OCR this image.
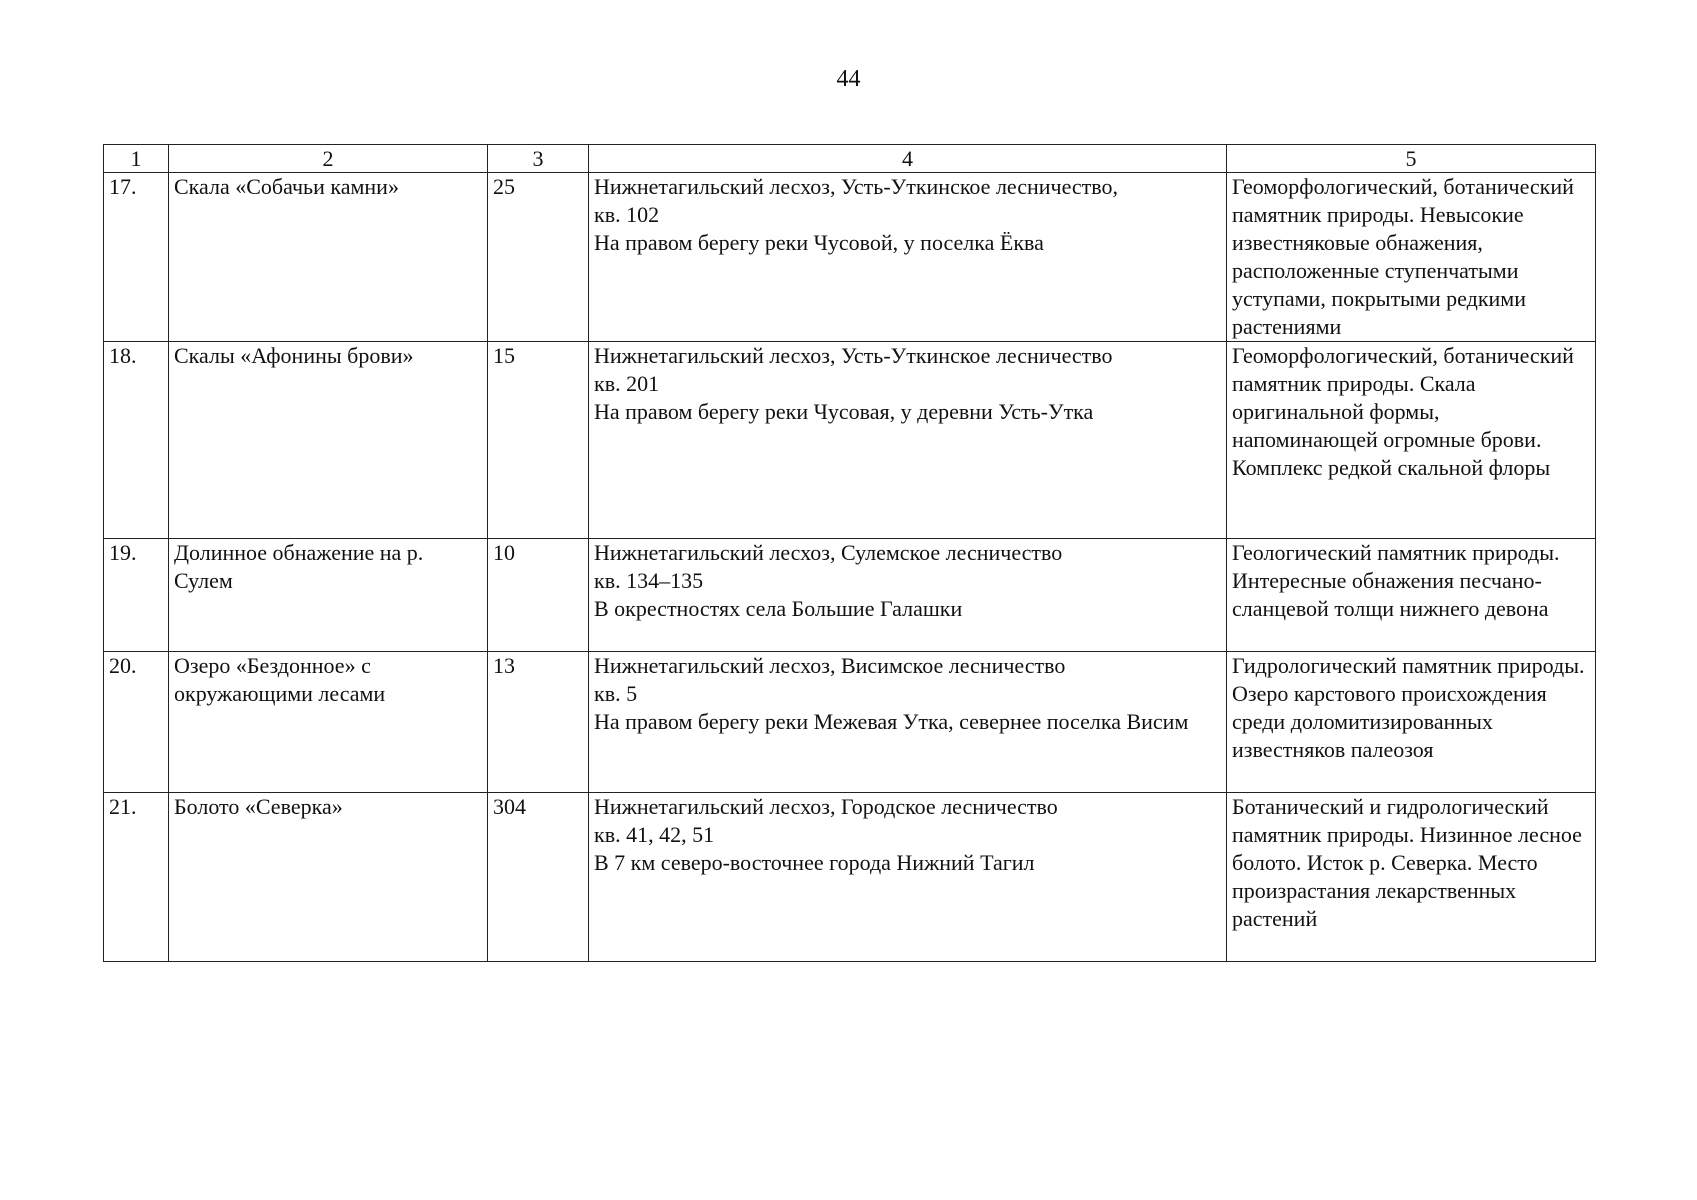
44
1	2	3	4	5
17.	Скала «Собачьи камни»	25	Нижнетагильский лесхоз, Усть-Уткинское лесничество,
кв. 102
На правом берегу реки Чусовой, у поселка Ёква	Геоморфологический, ботанический памятник природы. Невысокие известняковые обнажения, расположенные ступенчатыми уступами, покрытыми редкими растениями

18.	Скалы «Афонины брови»	15	Нижнетагильский лесхоз, Усть-Уткинское лесничество
кв. 201
На правом берегу реки Чусовая, у деревни Усть-Утка	Геоморфологический, ботанический памятник природы. Скала оригинальной формы, напоминающей огромные брови.
Комплекс редкой скальной флоры

19.	Долинное обнажение на р. Сулем	10	Нижнетагильский лесхоз, Сулемское лесничество
кв. 134–135
В окрестностях села Большие Галашки	Геологический памятник природы. Интересные обнажения песчано-сланцевой толщи нижнего девона

20.	Озеро «Бездонное» с окружающими лесами	13	Нижнетагильский лесхоз, Висимское лесничество
кв. 5
На правом берегу реки Межевая Утка, севернее поселка Висим	Гидрологический памятник природы. Озеро карстового происхождения среди доломитизированных известняков палеозоя

21.	Болото «Северка»	304	Нижнетагильский лесхоз, Городское лесничество
кв. 41, 42, 51
В 7 км северо-восточнее города Нижний Тагил	Ботанический и гидрологический памятник природы. Низинное лесное болото. Исток р. Северка. Место произрастания лекарственных растений
